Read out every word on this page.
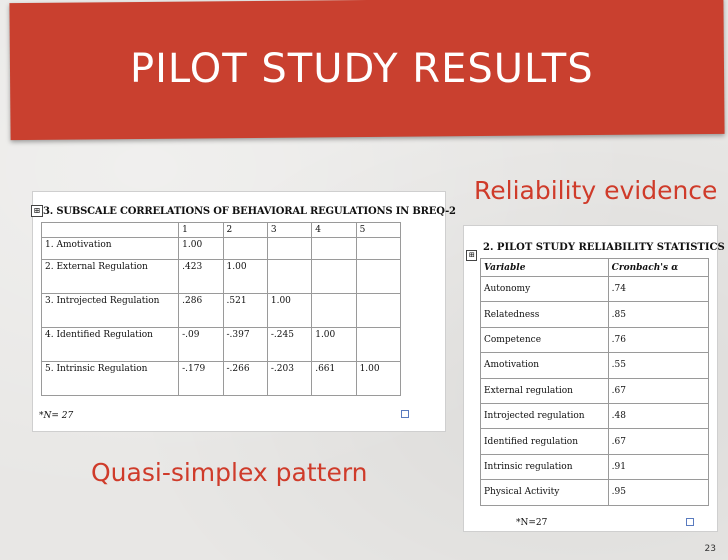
PILOT STUDY RESULTS
Reliability evidence
⊞ 3. SUBSCALE CORRELATIONS OF BEHAVIORAL REGULATIONS IN BREQ-2
	1	2	3	4	5
1. Amotivation	1.00				
2. External Regulation	.423	1.00			
3. Introjected Regulation	.286	.521	1.00		
4. Identified Regulation	-.09	-.397	-.245	1.00	
5. Intrinsic Regulation	-.179	-.266	-.203	.661	1.00
*N= 27
Quasi-simplex pattern
⊞
2. PILOT STUDY RELIABILITY STATISTICS
Variable	Cronbach's α
Autonomy	.74
Relatedness	.85
Competence	.76
Amotivation	.55
External regulation	.67
Introjected regulation	.48
Identified regulation	.67
Intrinsic regulation	.91
Physical Activity	.95
*N=27
23
